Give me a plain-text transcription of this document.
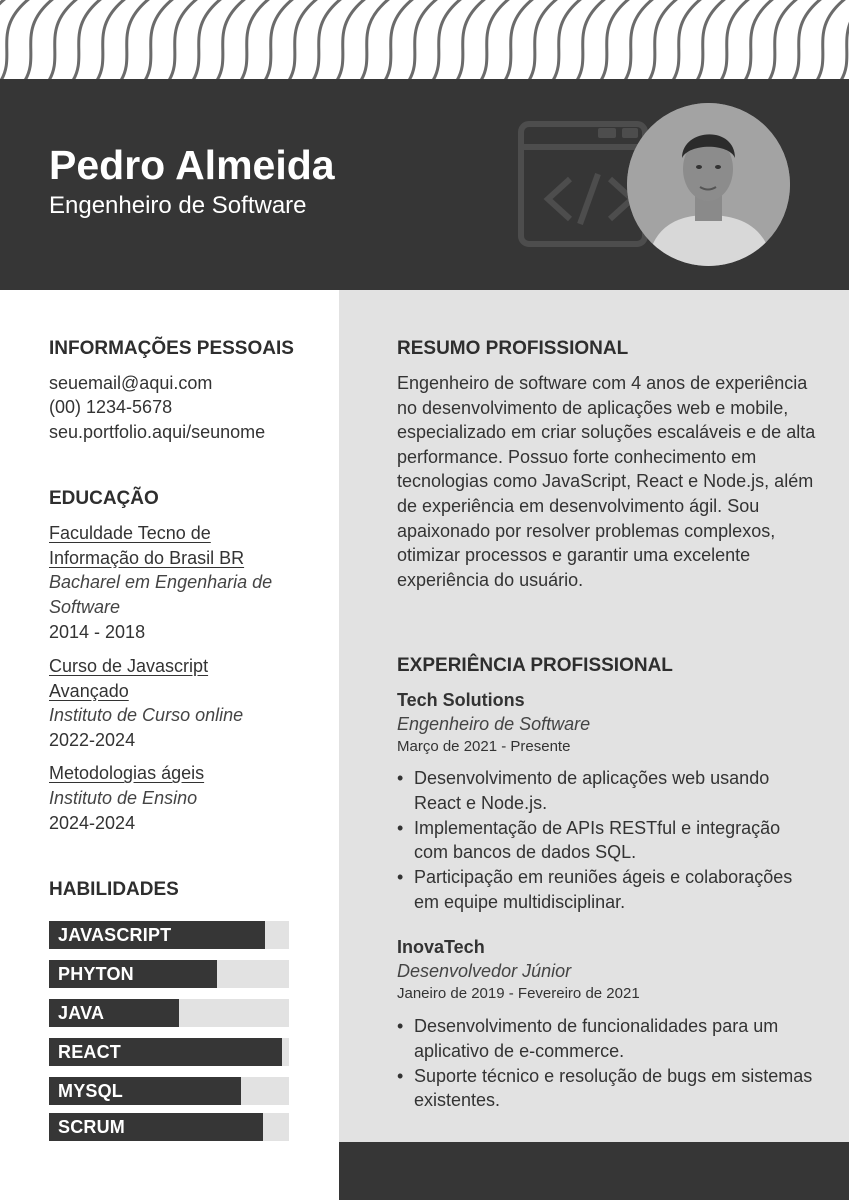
Pedro Almeida
Engenheiro de Software
INFORMAÇÕES PESSOAIS
seuemail@aqui.com
(00) 1234-5678
seu.portfolio.aqui/seunome
EDUCAÇÃO
Faculdade Tecno de
Informação do Brasil BR
Bacharel em Engenharia de
Software
2014 - 2018
Curso de Javascript
Avançado
Instituto de Curso online
2022-2024
Metodologias ágeis
Instituto de Ensino
2024-2024
HABILIDADES
JAVASCRIPT
PHYTON
JAVA
REACT
MYSQL
SCRUM
RESUMO PROFISSIONAL
Engenheiro de software com 4 anos de experiência no desenvolvimento de aplicações web e mobile, especializado em criar soluções escaláveis e de alta performance. Possuo forte conhecimento em tecnologias como JavaScript, React e Node.js, além de experiência em desenvolvimento ágil. Sou apaixonado por resolver problemas complexos, otimizar processos e garantir uma excelente experiência do usuário.
EXPERIÊNCIA PROFISSIONAL
Tech Solutions
Engenheiro de Software
Março de 2021 - Presente
• Desenvolvimento de aplicações web usando React e Node.js.
• Implementação de APIs RESTful e integração com bancos de dados SQL.
• Participação em reuniões ágeis e colaborações em equipe multidisciplinar.
InovaTech
Desenvolvedor Júnior
Janeiro de 2019 - Fevereiro de 2021
• Desenvolvimento de funcionalidades para um aplicativo de e-commerce.
• Suporte técnico e resolução de bugs em sistemas existentes.
